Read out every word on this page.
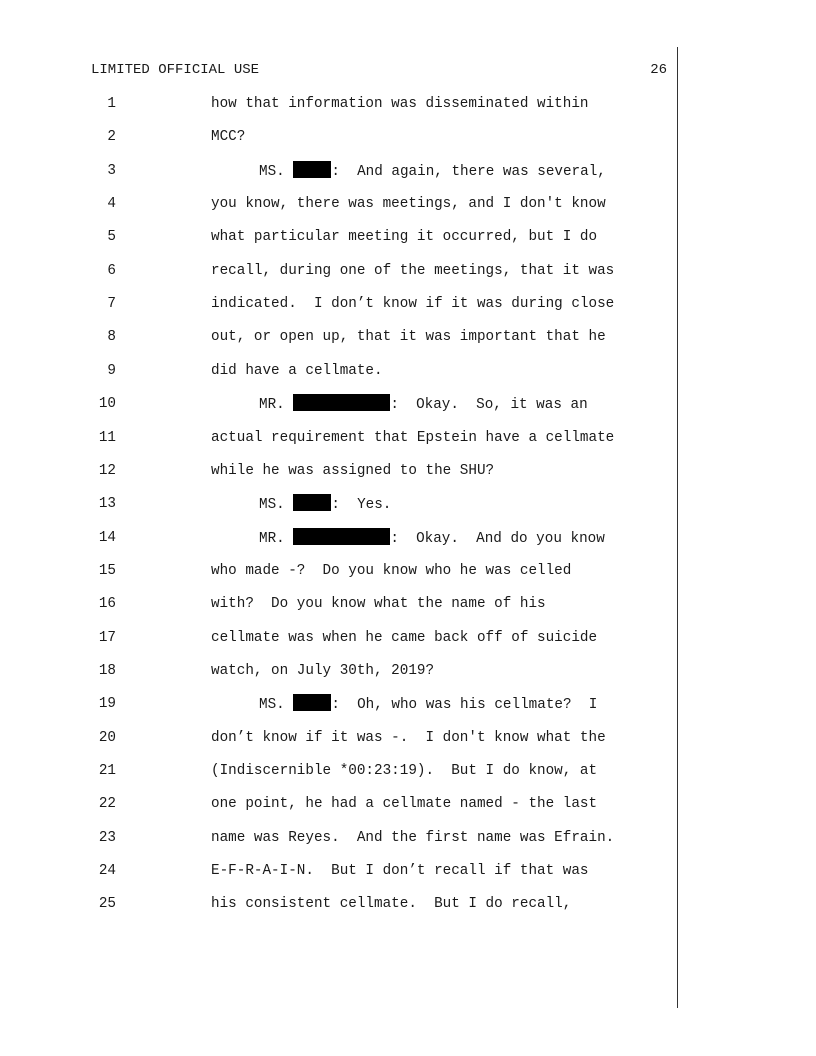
LIMITED OFFICIAL USE	26
1	how that information was disseminated within
2	MCC?
3	MS.	:  And again, there was several,
4	you know, there was meetings, and I don't know
5	what particular meeting it occurred, but I do
6	recall, during one of the meetings, that it was
7	indicated.  I don’t know if it was during close
8	out, or open up, that it was important that he
9	did have a cellmate.
10	MR.	:  Okay.  So, it was an
11	actual requirement that Epstein have a cellmate
12	while he was assigned to the SHU?
13	MS.	:  Yes.
14	MR.	:  Okay.  And do you know
15	who made -?  Do you know who he was celled
16	with?  Do you know what the name of his
17	cellmate was when he came back off of suicide
18	watch, on July 30th, 2019?
19	MS.	:  Oh, who was his cellmate?  I
20	don’t know if it was -.  I don't know what the
21	(Indiscernible *00:23:19).  But I do know, at
22	one point, he had a cellmate named - the last
23	name was Reyes.  And the first name was Efrain.
24	E-F-R-A-I-N.  But I don’t recall if that was
25	his consistent cellmate.  But I do recall,
